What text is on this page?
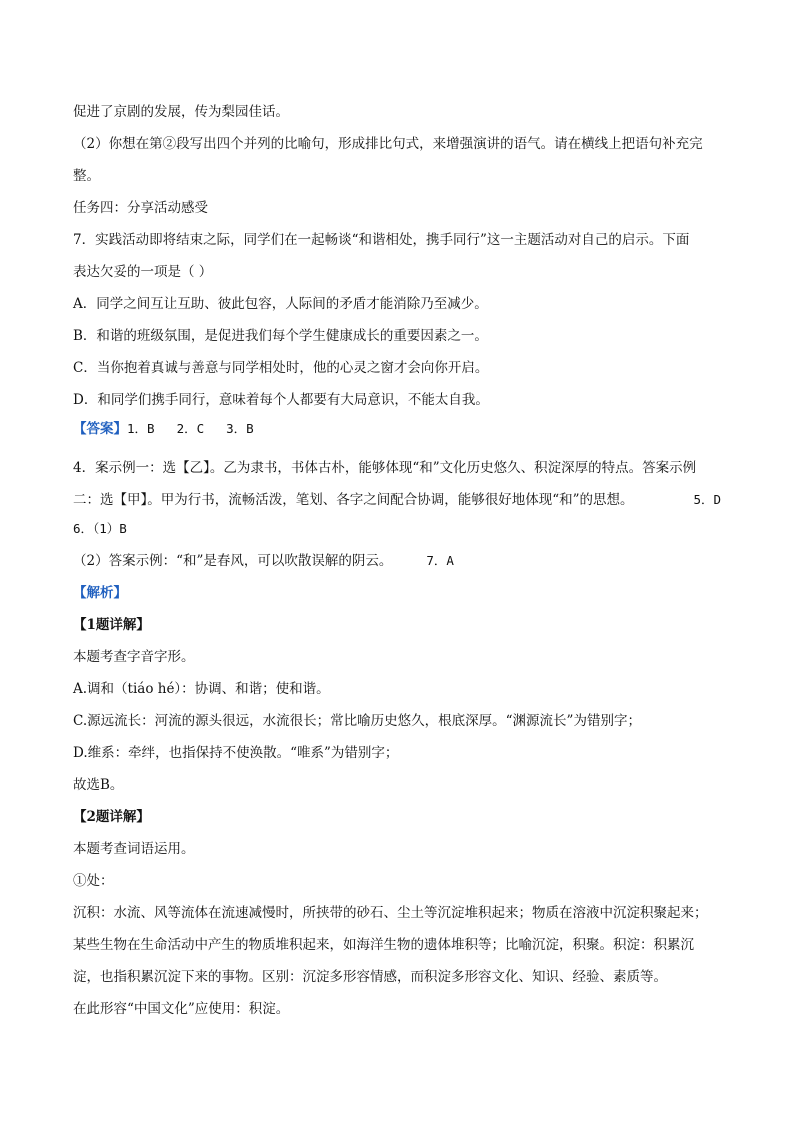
促进了京剧的发展，传为梨园佳话。
（2）你想在第②段写出四个并列的比喻句，形成排比句式，来增强演讲的语气。请在横线上把语句补充完
整。
任务四：分享活动感受
7．实践活动即将结束之际，同学们在一起畅谈“和谐相处，携手同行”这一主题活动对自己的启示。下面
表达欠妥的一项是（ ）
A．同学之间互让互助、彼此包容，人际间的矛盾才能消除乃至减少。
B．和谐的班级氛围，是促进我们每个学生健康成长的重要因素之一。
C．当你抱着真诚与善意与同学相处时，他的心灵之窗才会向你开启。
D．和同学们携手同行，意味着每个人都要有大局意识，不能太自我。
【答案】1．B 2．C 3．B
4．案示例一：选【乙】。乙为隶书，书体古朴，能够体现“和”文化历史悠久、积淀深厚的特点。答案示例
二：选【甲】。甲为行书，流畅活泼，笔划、各字之间配合协调，能够很好地体现“和”的思想。	5．D
6．（1）B
（2）答案示例：“和”是春风，可以吹散误解的阴云。	7．A
【解析】
【1题详解】
本题考查字音字形。
A.调和（tiáo hé）：协调、和谐；使和谐。
C.源远流长：河流的源头很远，水流很长；常比喻历史悠久，根底深厚。“渊源流长”为错别字；
D.维系：牵绊，也指保持不使涣散。“唯系”为错别字；
故选B。
【2题详解】
本题考查词语运用。
①处：
沉积：水流、风等流体在流速减慢时，所挟带的砂石、尘土等沉淀堆积起来；物质在溶液中沉淀积聚起来；
某些生物在生命活动中产生的物质堆积起来，如海洋生物的遗体堆积等；比喻沉淀，积聚。积淀：积累沉
淀，也指积累沉淀下来的事物。区别：沉淀多形容情感，而积淀多形容文化、知识、经验、素质等。
在此形容“中国文化”应使用：积淀。
